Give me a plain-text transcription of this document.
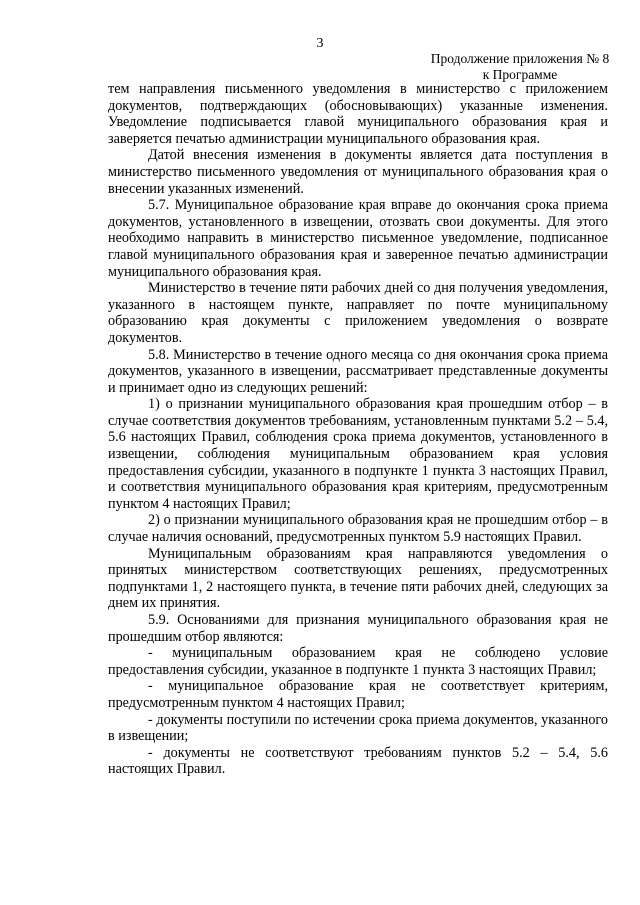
3
Продолжение приложения № 8
к Программе

тем направления письменного уведомления в министерство с приложением документов, подтверждающих (обосновывающих) указанные изменения. Уведомление подписывается главой муниципального образования края и заверяется печатью администрации муниципального образования края.

Датой внесения изменения в документы является дата поступления в министерство письменного уведомления от муниципального образования края о внесении указанных изменений.

5.7. Муниципальное образование края вправе до окончания срока приема документов, установленного в извещении, отозвать свои документы. Для этого необходимо направить в министерство письменное уведомление, подписанное главой муниципального образования края и заверенное печатью администрации муниципального образования края.

Министерство в течение пяти рабочих дней со дня получения уведомления, указанного в настоящем пункте, направляет по почте муниципальному образованию края документы с приложением уведомления о возврате документов.

5.8. Министерство в течение одного месяца со дня окончания срока приема документов, указанного в извещении, рассматривает представленные документы и принимает одно из следующих решений:

1) о признании муниципального образования края прошедшим отбор – в случае соответствия документов требованиям, установленным пунктами 5.2 – 5.4, 5.6 настоящих Правил, соблюдения срока приема документов, установленного в извещении, соблюдения муниципальным образованием края условия предоставления субсидии, указанного в подпункте 1 пункта 3 настоящих Правил, и соответствия муниципального образования края критериям, предусмотренным пунктом 4 настоящих Правил;

2) о признании муниципального образования края не прошедшим отбор – в случае наличия оснований, предусмотренных пунктом 5.9 настоящих Правил.

Муниципальным образованиям края направляются уведомления о принятых министерством соответствующих решениях, предусмотренных подпунктами 1, 2 настоящего пункта, в течение пяти рабочих дней, следующих за днем их принятия.

5.9. Основаниями для признания муниципального образования края не прошедшим отбор являются:

- муниципальным образованием края не соблюдено условие предоставления субсидии, указанное в подпункте 1 пункта 3 настоящих Правил;

- муниципальное образование края не соответствует критериям, предусмотренным пунктом 4 настоящих Правил;

- документы поступили по истечении срока приема документов, указанного в извещении;

- документы не соответствуют требованиям пунктов 5.2 – 5.4, 5.6 настоящих Правил.
